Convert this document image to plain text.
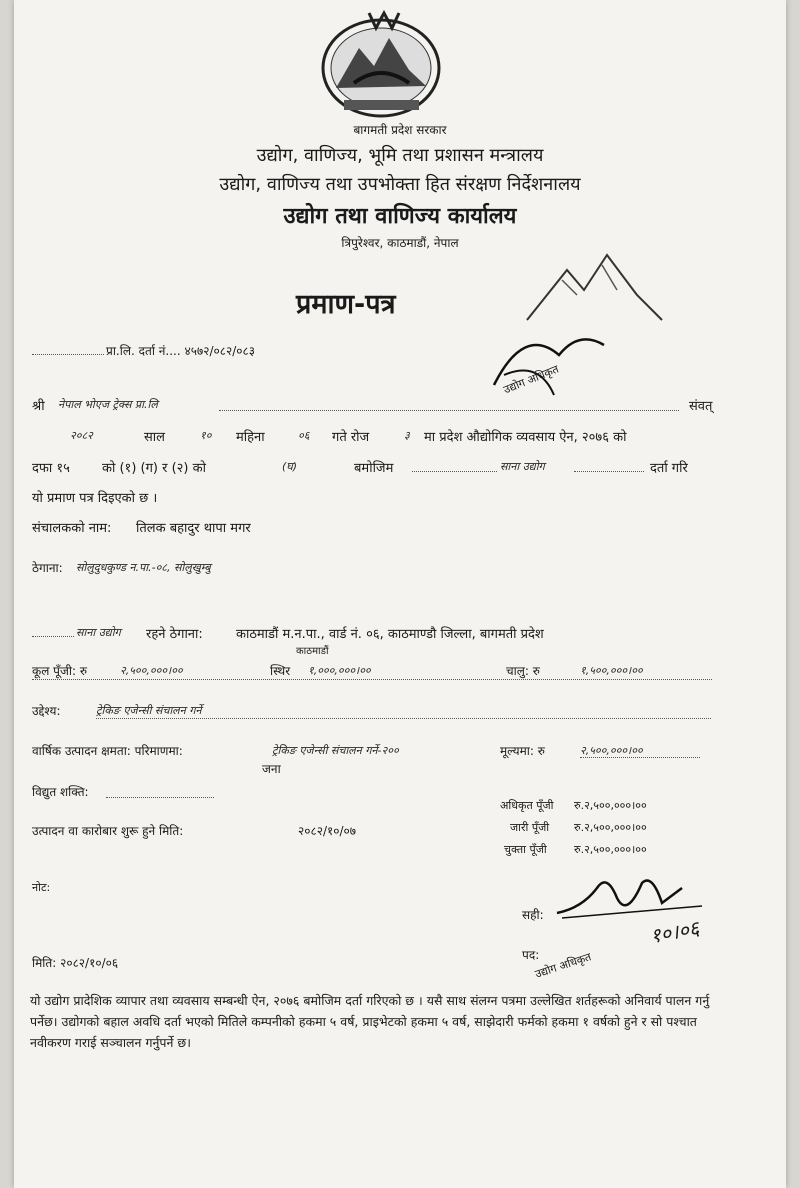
बागमती प्रदेश सरकार
उद्योग, वाणिज्य, भूमि तथा प्रशासन मन्त्रालय
उद्योग, वाणिज्य तथा उपभोक्ता हित संरक्षण निर्देशनालय
उद्योग तथा वाणिज्य कार्यालय
त्रिपुरेश्वर, काठमाडौं, नेपाल
प्रमाण-पत्र
उद्योग अधिकृत
प्रा.लि. दर्ता नं.... ४५७२/०८२/०८३
श्री नेपाल भोएज ट्रेक्स प्रा.लि	संवत्
२०८२	साल	१० महिना	०६ गते रोज	३ मा प्रदेश औद्योगिक व्यवसाय ऐन, २०७६ को
दफा १५ को (१) (ग) र (२) को	(घ)	बमोजिम	साना उद्योग	दर्ता गरि
यो प्रमाण पत्र दिइएको छ ।
संचालकको नाम: तिलक बहादुर थापा मगर
ठेगाना: सोलुदुधकुण्ड न.पा.-०८, सोलुखुम्बु
साना उद्योग रहने ठेगाना:	काठमाडौं म.न.पा., वार्ड नं. ०६, काठमाण्डौ जिल्ला, बागमती प्रदेश
काठमाडौं
कूल पूँजी: रु	२,५००,०००।००	स्थिर १,०००,०००।००	चालु: रु	१,५००,०००।००
उद्देश्य:	ट्रेकिङ एजेन्सी संचालन गर्ने
वार्षिक उत्पादन क्षमता: परिमाणमा:	ट्रेकिङ एजेन्सी संचालन गर्ने-२००
जना
मूल्यमा: रु	२,५००,०००।००
विद्युत शक्ति:
अधिकृत पूँजी रु.२,५००,०००।००
जारी पूँजी रु.२,५००,०००।००
चुक्ता पूँजी रु.२,५००,०००।००
उत्पादन वा कारोबार शुरू हुने मिति:	२०८२/१०/०७
नोट:
सही:
पद:
१०।०६
उद्योग अधिकृत
मिति: २०८२/१०/०६
यो उद्योग प्रादेशिक व्यापार तथा व्यवसाय सम्बन्धी ऐन, २०७६ बमोजिम दर्ता गरिएको छ । यसै साथ संलग्न पत्रमा उल्लेखित शर्तहरूको अनिवार्य पालन गर्नु पर्नेछ। उद्योगको बहाल अवधि दर्ता भएको मितिले कम्पनीको हकमा ५ वर्ष, प्राइभेटको हकमा ५ वर्ष, साझेदारी फर्मको हकमा १ वर्षको हुने र सो पश्चात नवीकरण गराई सञ्चालन गर्नुपर्ने छ।
